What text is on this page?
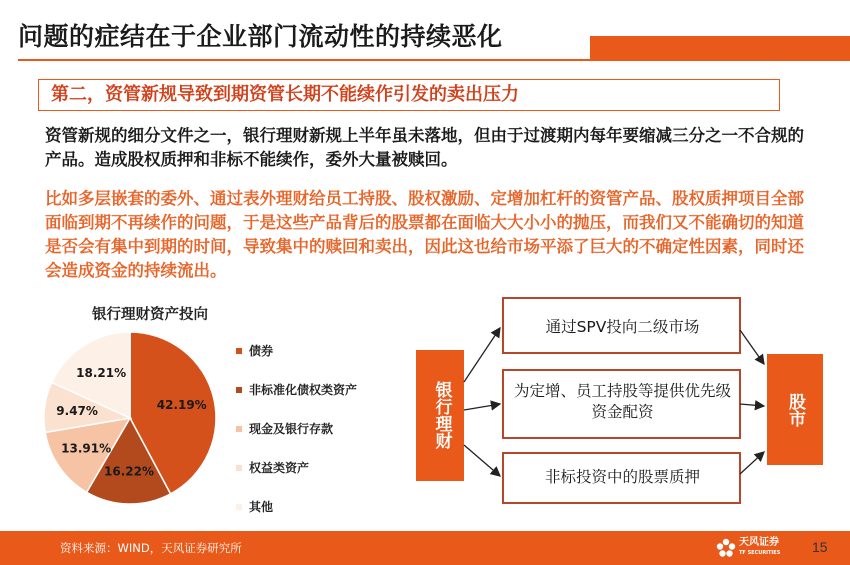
问题的症结在于企业部门流动性的持续恶化
第二，资管新规导致到期资管长期不能续作引发的卖出压力
资管新规的细分文件之一，银行理财新规上半年虽未落地，但由于过渡期内每年要缩减三分之一不合规的产品。造成股权质押和非标不能续作，委外大量被赎回。
比如多层嵌套的委外、通过表外理财给员工持股、股权激励、定增加杠杆的资管产品、股权质押项目全部面临到期不再续作的问题，于是这些产品背后的股票都在面临大大小小的抛压，而我们又不能确切的知道是否会有集中到期的时间，导致集中的赎回和卖出，因此这也给市场平添了巨大的不确定性因素，同时还会造成资金的持续流出。
银行理财资产投向
42.19%
16.22%
13.91%
9.47%
18.21%
债券
非标准化债权类资产
现金及银行存款
权益类资产
其他
银行理财	股市
通过SPV投向二级市场
为定增、员工持股等提供优先级资金配资
非标投资中的股票质押
资料来源：WIND，天风证券研究所	天风证券
TF SECURITIES 15
